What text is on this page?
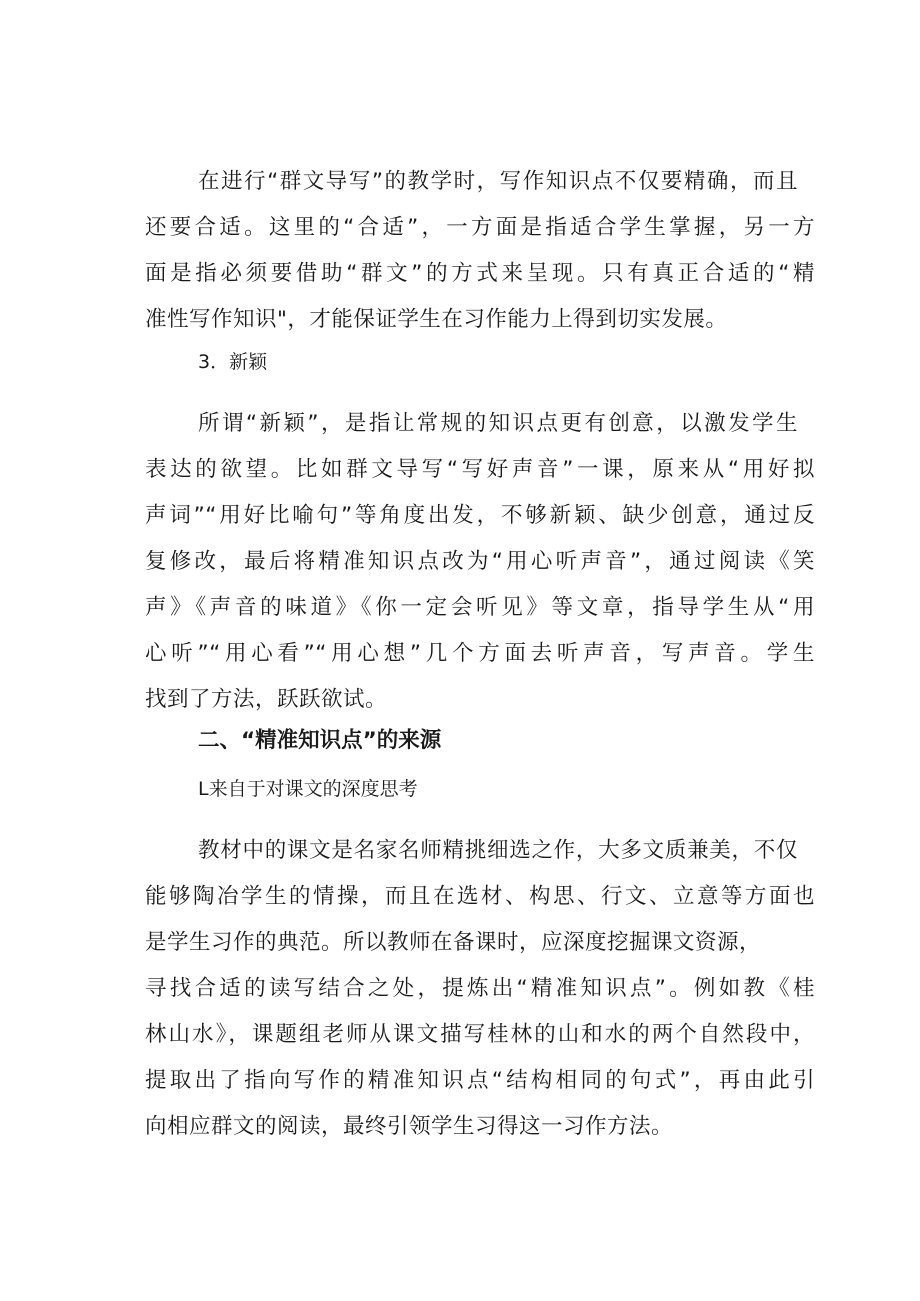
在进行“群文导写”的教学时，写作知识点不仅要精确，而且
还要合适。这里的“合适”，一方面是指适合学生掌握，另一方
面是指必须要借助“群文”的方式来呈现。只有真正合适的“精
准性写作知识"，才能保证学生在习作能力上得到切实发展。
3．新颖
所谓“新颖”，是指让常规的知识点更有创意，以激发学生
表达的欲望。比如群文导写“写好声音”一课，原来从“用好拟
声词”“用好比喻句”等角度出发，不够新颖、缺少创意，通过反
复修改，最后将精准知识点改为“用心听声音”，通过阅读《笑
声》《声音的味道》《你一定会听见》等文章，指导学生从“用
心听”“用心看”“用心想”几个方面去听声音，写声音。学生
找到了方法，跃跃欲试。
二、“精准知识点”的来源
L来自于对课文的深度思考
教材中的课文是名家名师精挑细选之作，大多文质兼美，不仅
能够陶冶学生的情操，而且在选材、构思、行文、立意等方面也
是学生习作的典范。所以教师在备课时，应深度挖掘课文资源，
寻找合适的读写结合之处，提炼出“精准知识点”。例如教《桂
林山水》，课题组老师从课文描写桂林的山和水的两个自然段中，
提取出了指向写作的精准知识点“结构相同的句式”，再由此引
向相应群文的阅读，最终引领学生习得这一习作方法。
